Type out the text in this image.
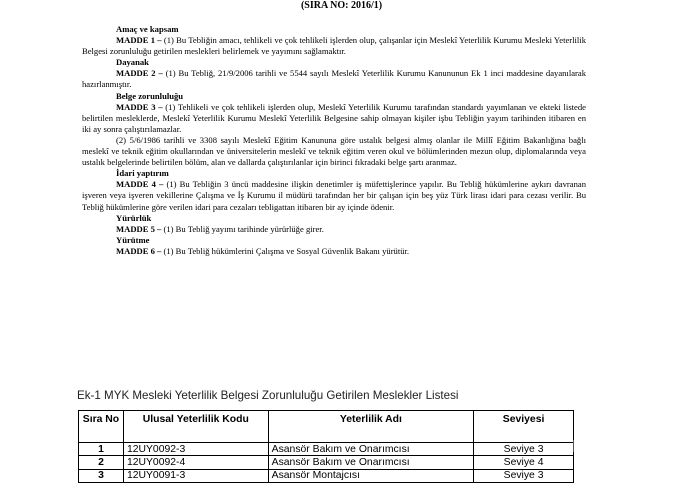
(SIRA NO: 2016/1)
Amaç ve kapsam

MADDE 1 – (1) Bu Tebliğin amacı, tehlikeli ve çok tehlikeli işlerden olup, çalışanlar için Meslekî Yeterlilik Kurumu Mesleki Yeterlilik Belgesi zorunluluğu getirilen meslekleri belirlemek ve yayımını sağlamaktır.

Dayanak

MADDE 2 – (1) Bu Tebliğ, 21/9/2006 tarihli ve 5544 sayılı Meslekî Yeterlilik Kurumu Kanununun Ek 1 inci maddesine dayanılarak hazırlanmıştır.

Belge zorunluluğu

MADDE 3 – (1) Tehlikeli ve çok tehlikeli işlerden olup, Meslekî Yeterlilik Kurumu tarafından standardı yayımlanan ve ekteki listede belirtilen mesleklerde, Meslekî Yeterlilik Kurumu Meslekî Yeterlilik Belgesine sahip olmayan kişiler işbu Tebliğin yayım tarihinden itibaren en iki ay sonra çalıştırılamazlar.

(2) 5/6/1986 tarihli ve 3308 sayılı Meslekî Eğitim Kanununa göre ustalık belgesi almış olanlar ile Millî Eğitim Bakanlığına bağlı meslekî ve teknik eğitim okullarından ve üniversitelerin meslekî ve teknik eğitim veren okul ve bölümlerinden mezun olup, diplomalarında veya ustalık belgelerinde belirtilen bölüm, alan ve dallarda çalıştırılanlar için birinci fıkradaki belge şartı aranmaz.

İdari yaptırım

MADDE 4 – (1) Bu Tebliğin 3 üncü maddesine ilişkin denetimler iş müfettişlerince yapılır. Bu Tebliğ hükümlerine aykırı davranan işveren veya işveren vekillerine Çalışma ve İş Kurumu il müdürü tarafından her bir çalışan için beş yüz Türk lirası idari para cezası verilir. Bu Tebliğ hükümlerine göre verilen idari para cezaları tebligattan itibaren bir ay içinde ödenir.

Yürürlük

MADDE 5 – (1) Bu Tebliğ yayımı tarihinde yürürlüğe girer.

Yürütme

MADDE 6 – (1) Bu Tebliğ hükümlerini Çalışma ve Sosyal Güvenlik Bakanı yürütür.

Ek-1 MYK Mesleki Yeterlilik Belgesi Zorunluluğu Getirilen Meslekler Listesi
Sıra No	Ulusal Yeterlilik Kodu	Yeterlilik Adı	Seviyesi
1	12UY0092-3	Asansör Bakım ve Onarımcısı	Seviye 3
2	12UY0092-4	Asansör Bakım ve Onarımcısı	Seviye 4
3	12UY0091-3	Asansör Montajcısı	Seviye 3
